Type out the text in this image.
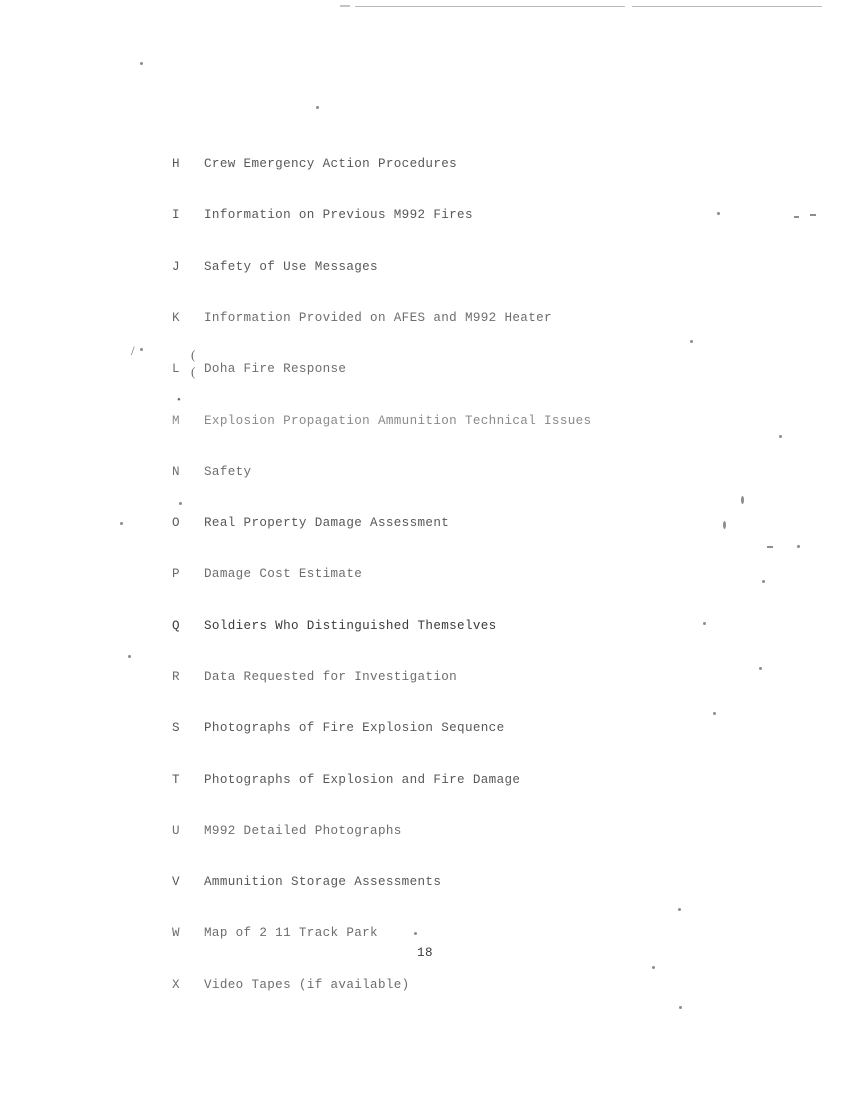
H Crew Emergency Action Procedures

I Information on Previous M992 Fires

J Safety of Use Messages

K Information Provided on AFES and M992 Heater

L Doha Fire Response

M Explosion Propagation Ammunition Technical Issues

N Safety

O Real Property Damage Assessment

P Damage Cost Estimate

Q Soldiers Who Distinguished Themselves

R Data Requested for Investigation

S Photographs of Fire Explosion Sequence

T Photographs of Explosion and Fire Damage

U M992 Detailed Photographs

V Ammunition Storage Assessments

W Map of 2 11 Track Park

X Video Tapes (if available)

/	(
(
•
18
